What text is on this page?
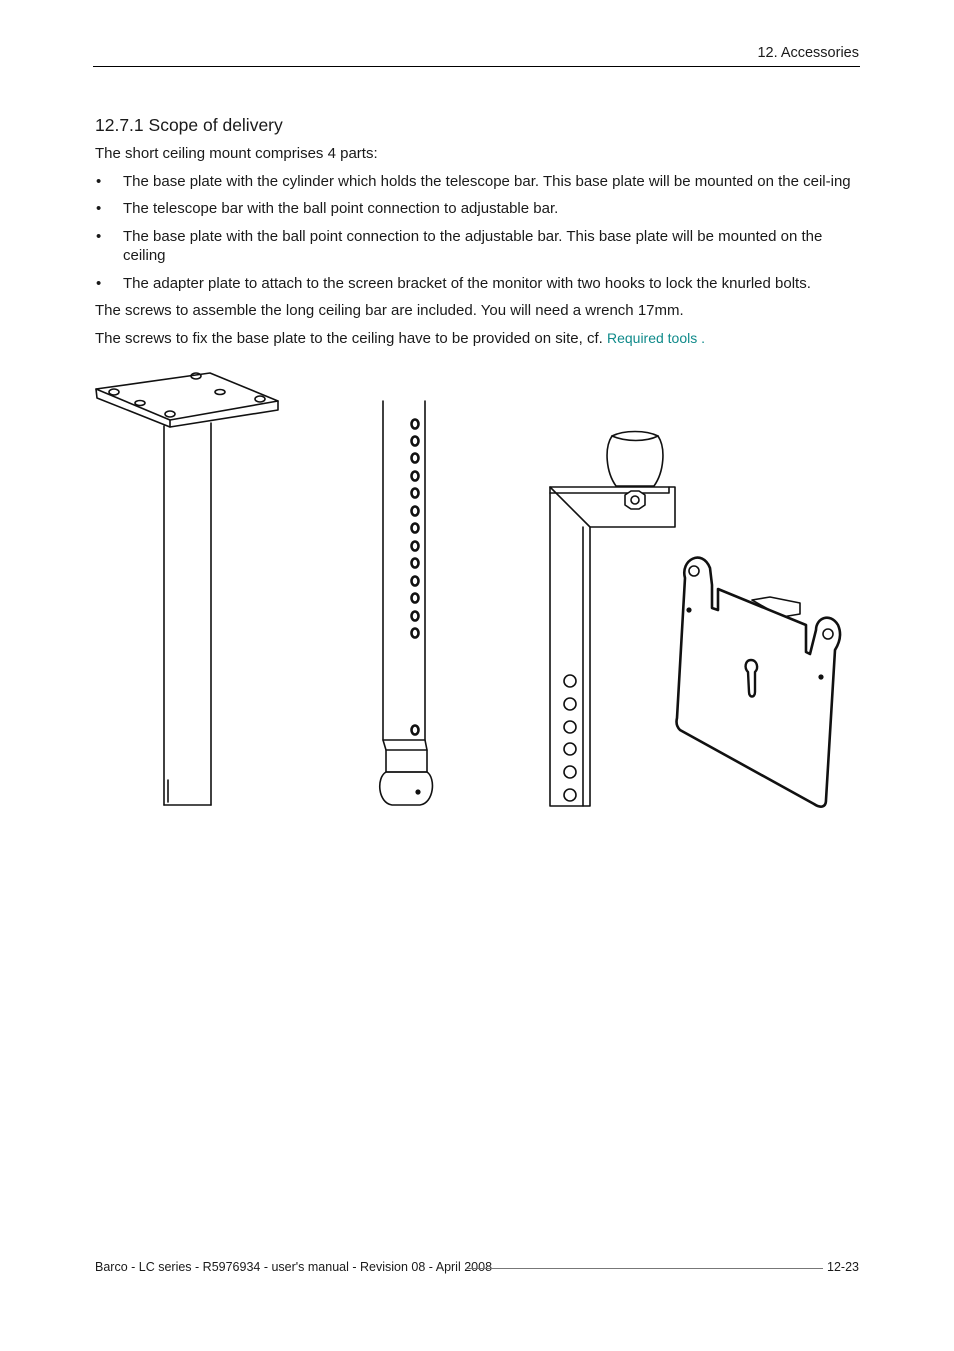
12. Accessories
12.7.1 Scope of delivery

The short ceiling mount comprises 4 parts:

• The base plate with the cylinder which holds the telescope bar. This base plate will be mounted on the ceil-ing
• The telescope bar with the ball point connection to adjustable bar.
• The base plate with the ball point connection to the adjustable bar. This base plate will be mounted on the ceiling
• The adapter plate to attach to the screen bracket of the monitor with two hooks to lock the knurled bolts.

The screws to assemble the long ceiling bar are included. You will need a wrench 17mm.

The screws to fix the base plate to the ceiling have to be provided on site, cf. Required tools .

Barco - LC series - R5976934 - user's manual - Revision 08 - April 2008	12-23
